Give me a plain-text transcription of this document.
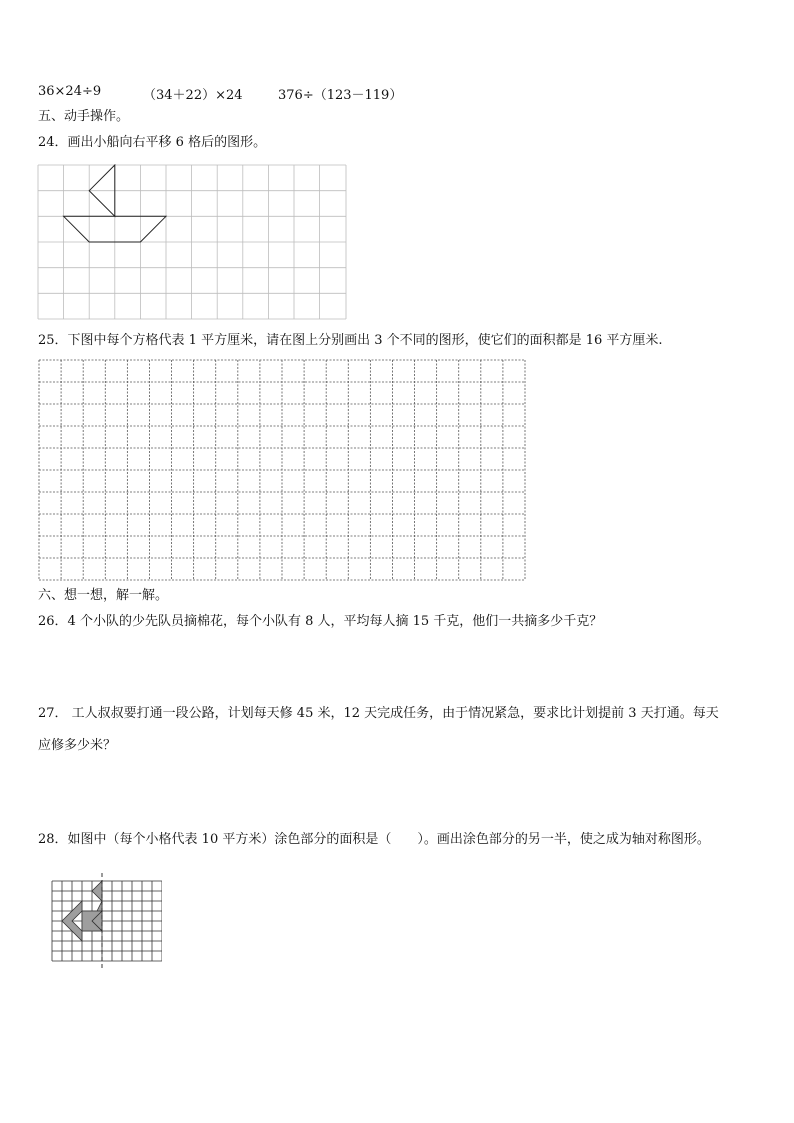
36×24÷9	（34＋22）×24	376÷（123－119）
五、动手操作。
24．画出小船向右平移 6 格后的图形。
25．下图中每个方格代表 1 平方厘米，请在图上分别画出 3 个不同的图形，使它们的面积都是 16 平方厘米.
六、想一想，解一解。
26．4 个小队的少先队员摘棉花，每个小队有 8 人，平均每人摘 15 千克，他们一共摘多少千克？
27． 工人叔叔要打通一段公路，计划每天修 45 米，12 天完成任务，由于情况紧急，要求比计划提前 3 天打通。每天
应修多少米？
28．如图中（每个小格代表 10 平方米）涂色部分的面积是（　　）。画出涂色部分的另一半，使之成为轴对称图形。
